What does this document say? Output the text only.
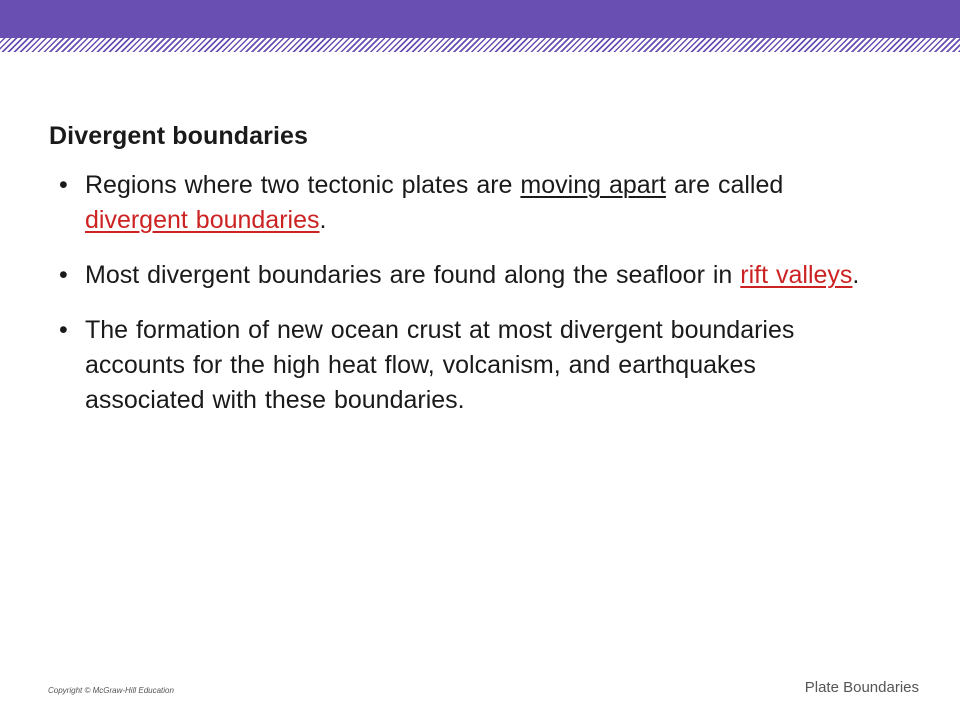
Divergent boundaries
• Regions where two tectonic plates are moving apart are called divergent boundaries.
• Most divergent boundaries are found along the seafloor in rift valleys.
• The formation of new ocean crust at most divergent boundaries accounts for the high heat flow, volcanism, and earthquakes associated with these boundaries.
Copyright © McGraw-Hill Education	Plate Boundaries
